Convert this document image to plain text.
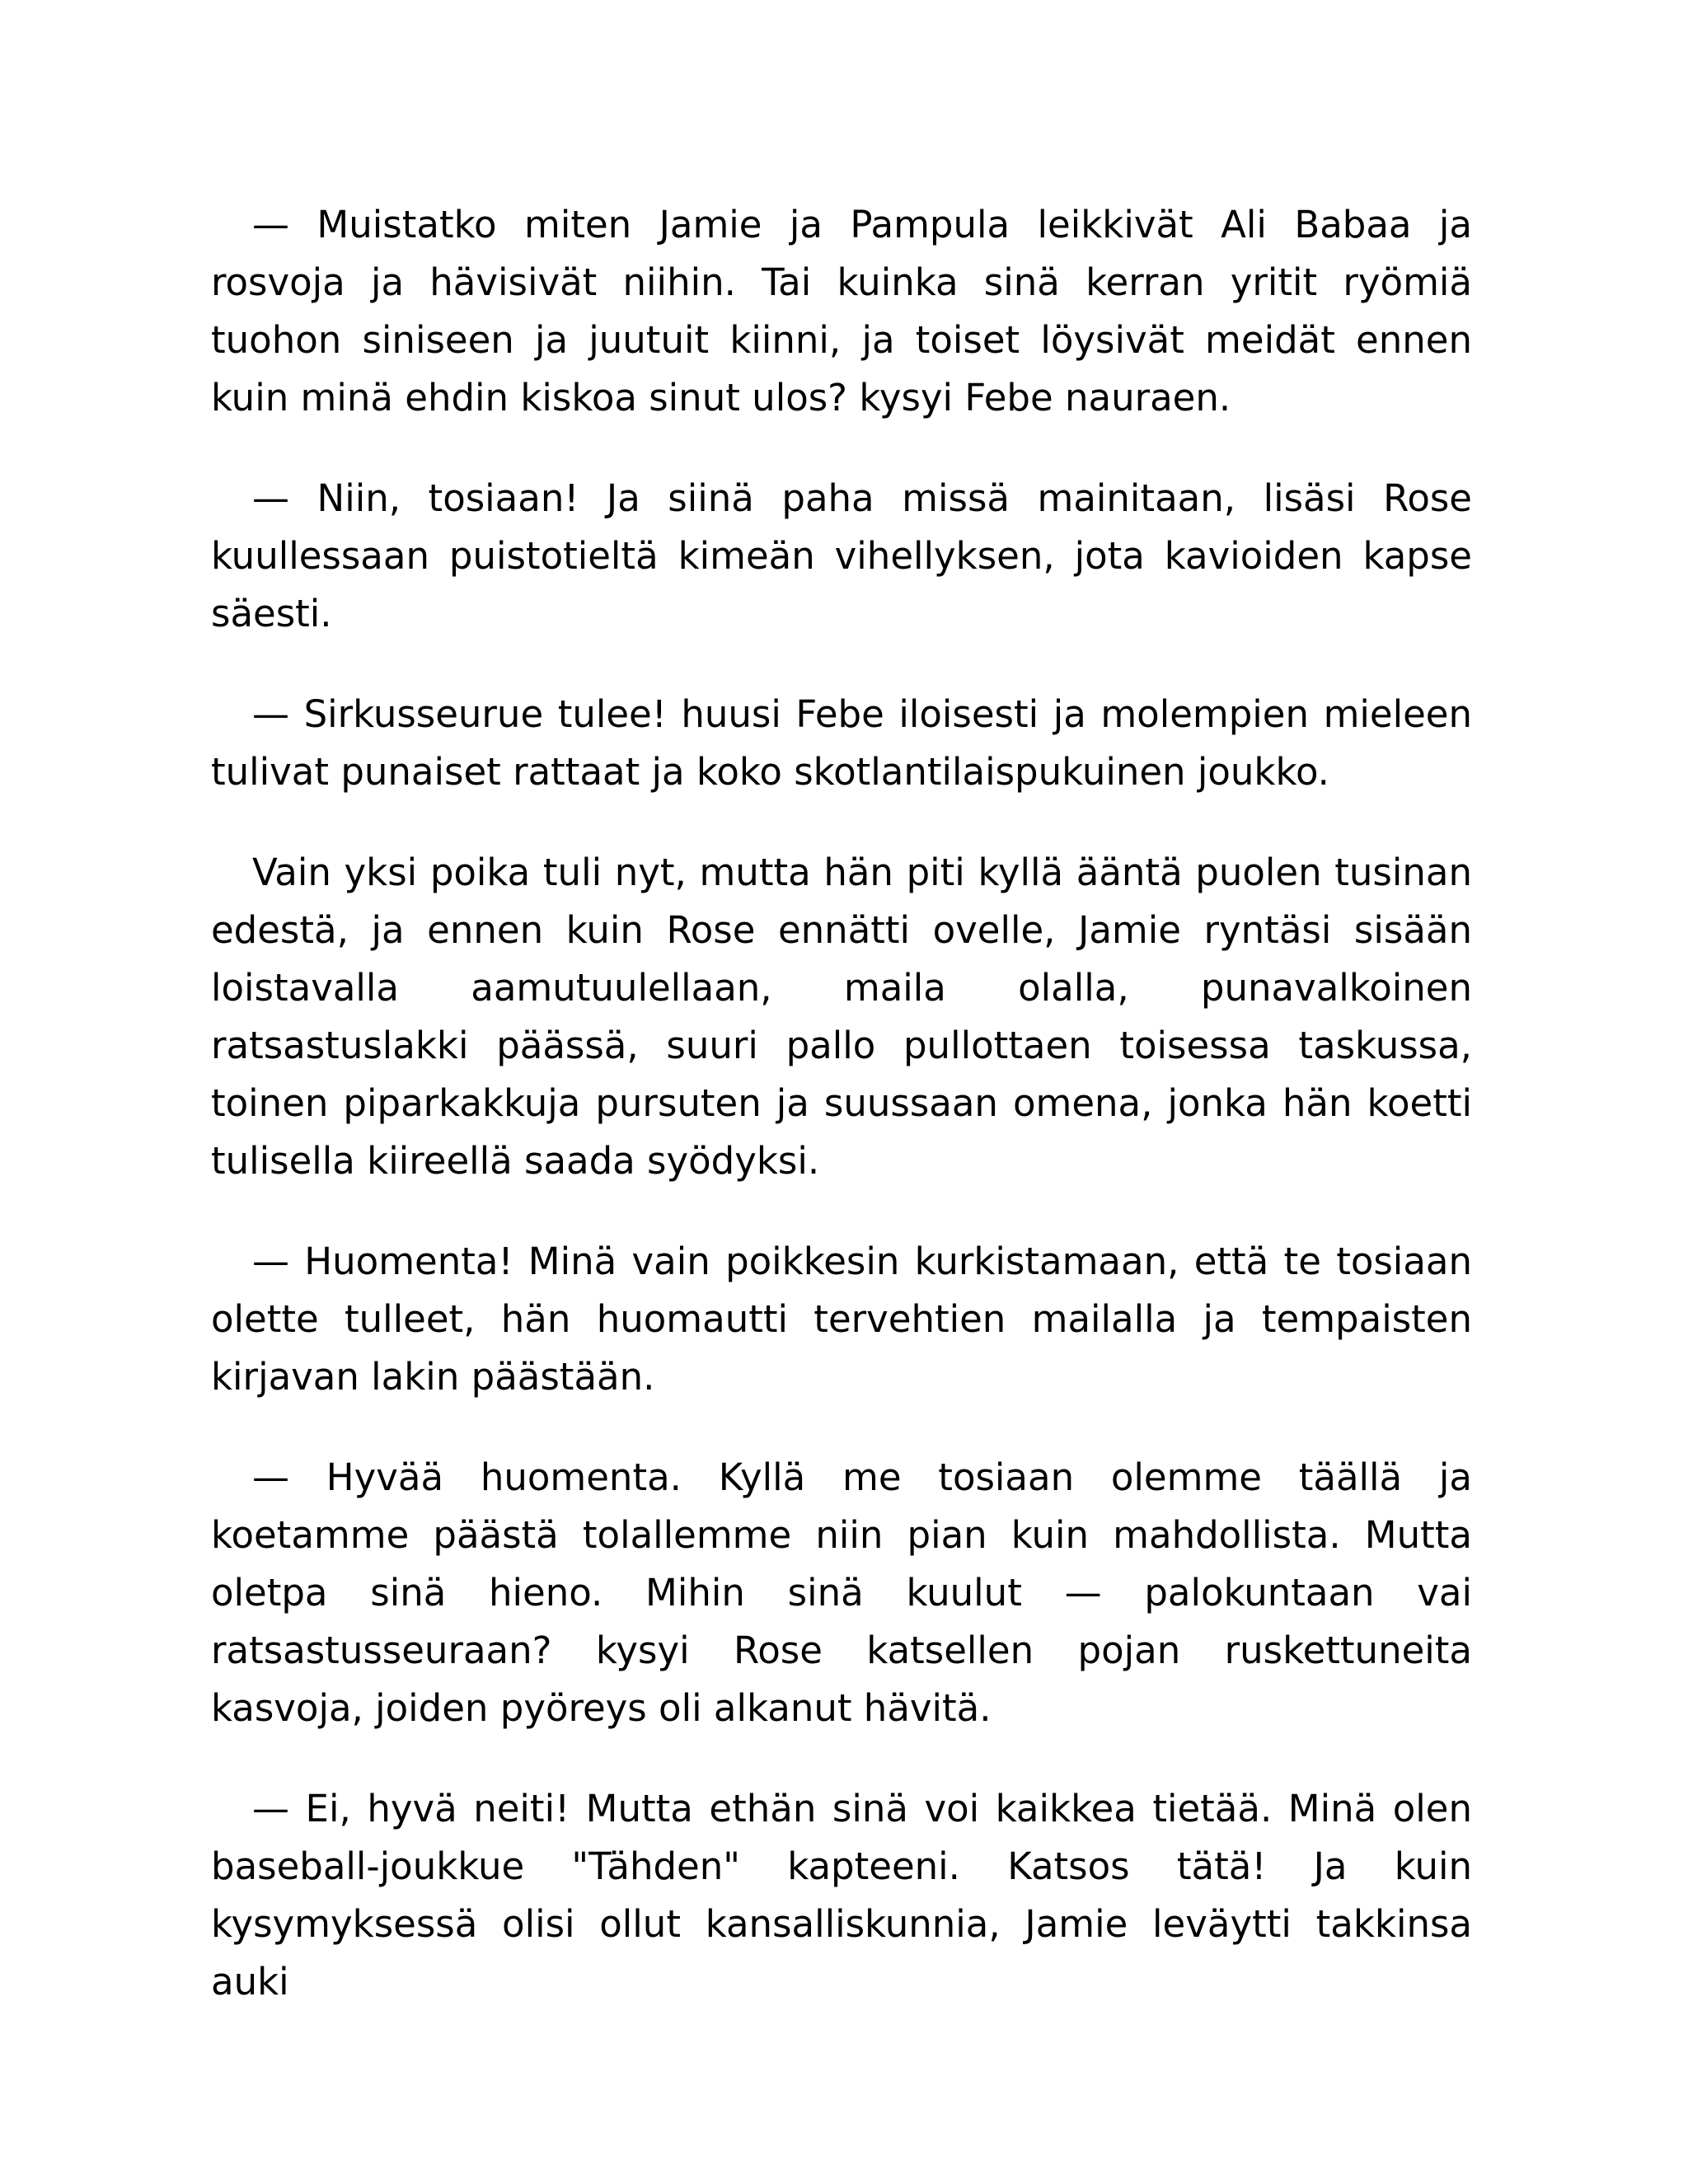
— Muistatko miten Jamie ja Pampula leikkivät Ali Babaa ja rosvoja ja hävisivät niihin. Tai kuinka sinä kerran yritit ryömiä tuohon siniseen ja juutuit kiinni, ja toiset löysivät meidät ennen kuin minä ehdin kiskoa sinut ulos? kysyi Febe nauraen.

— Niin, tosiaan! Ja siinä paha missä mainitaan, lisäsi Rose kuullessaan puistotieltä kimeän vihellyksen, jota kavioiden kapse säesti.

— Sirkusseurue tulee! huusi Febe iloisesti ja molempien mieleen tulivat punaiset rattaat ja koko skotlantilaispukuinen joukko.

Vain yksi poika tuli nyt, mutta hän piti kyllä ääntä puolen tusinan edestä, ja ennen kuin Rose ennätti ovelle, Jamie ryntäsi sisään loistavalla aamutuulellaan, maila olalla, punavalkoinen ratsastuslakki päässä, suuri pallo pullottaen toisessa taskussa, toinen piparkakkuja pursuten ja suussaan omena, jonka hän koetti tulisella kiireellä saada syödyksi.

— Huomenta! Minä vain poikkesin kurkistamaan, että te tosiaan olette tulleet, hän huomautti tervehtien mailalla ja tempaisten kirjavan lakin päästään.

— Hyvää huomenta. Kyllä me tosiaan olemme täällä ja koetamme päästä tolallemme niin pian kuin mahdollista. Mutta oletpa sinä hieno. Mihin sinä kuulut — palokuntaan vai ratsastusseuraan? kysyi Rose katsellen pojan ruskettuneita kasvoja, joiden pyöreys oli alkanut hävitä.

— Ei, hyvä neiti! Mutta ethän sinä voi kaikkea tietää. Minä olen baseball-joukkue "Tähden" kapteeni. Katsos tätä! Ja kuin kysymyksessä olisi ollut kansalliskunnia, Jamie leväytti takkinsa auki
